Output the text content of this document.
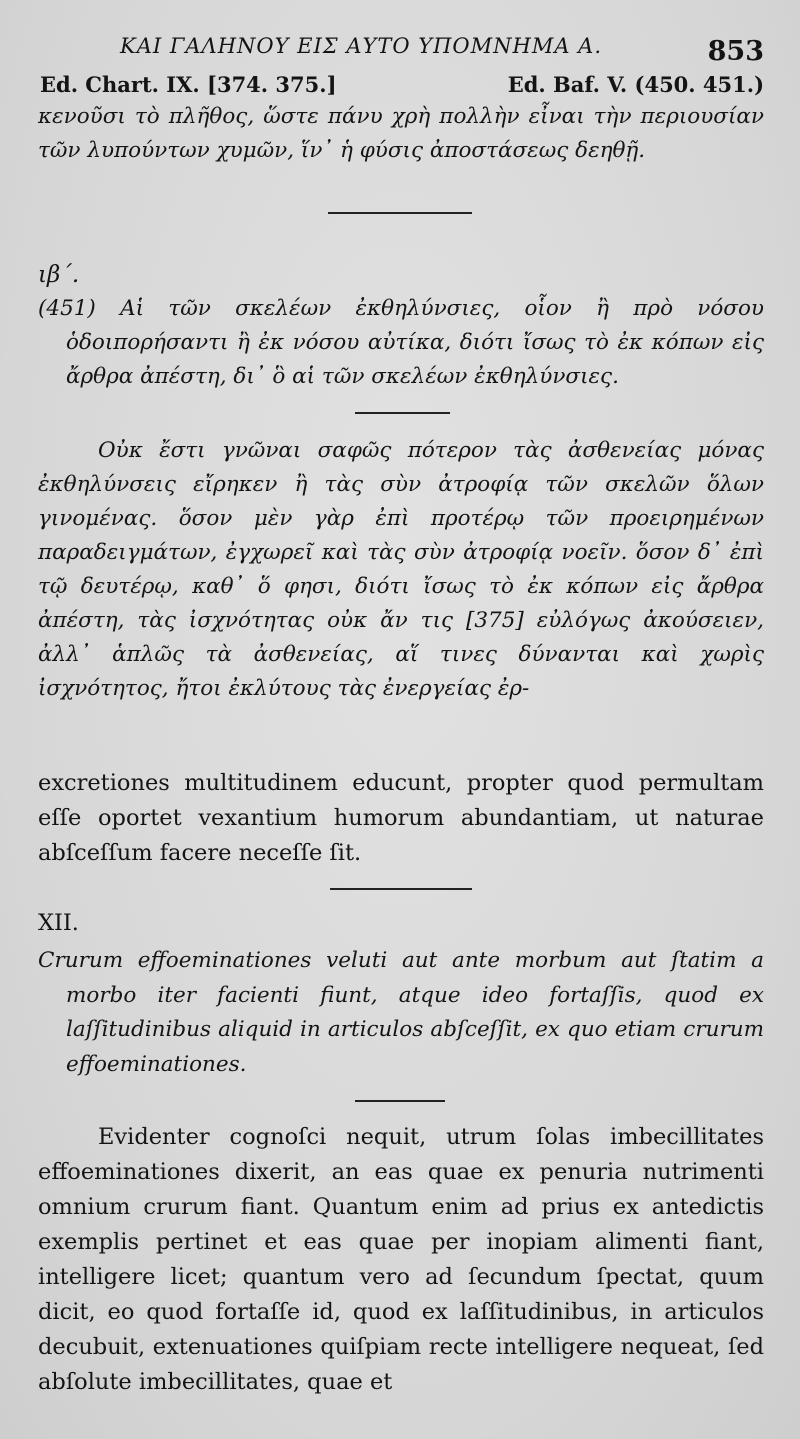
ΚΑΙ ΓΑΛΗΝΟΥ ΕΙΣ ΑΥΤΟ ΥΠΟΜΝΗΜΑ Α.	853
Ed. Chart. IX. [374. 375.]	Ed. Baf. V. (450. 451.)

κενοῦσι τὸ πλῆθος, ὥστε πάνυ χρὴ πολλὴν εἶναι τὴν περιουσίαν τῶν λυπούντων χυμῶν, ἵν᾽ ἡ φύσις ἀποστάσεως δεηθῇ.

ιβ΄.

(451) Αἱ τῶν σκελέων ἐκθηλύνσιες, οἷον ἢ πρὸ νόσου ὁδοιπορήσαντι ἢ ἐκ νόσου αὐτίκα, διότι ἴσως τὸ ἐκ κόπων εἰς ἄρθρα ἀπέστη, δι᾽ ὃ αἱ τῶν σκελέων ἐκθηλύνσιες.

Οὐκ ἔστι γνῶναι σαφῶς πότερον τὰς ἀσθενείας μόνας ἐκθηλύνσεις εἴρηκεν ἢ τὰς σὺν ἀτροφίᾳ τῶν σκελῶν ὅλων γινομένας. ὅσον μὲν γὰρ ἐπὶ προτέρῳ τῶν προειρημένων παραδειγμάτων, ἐγχωρεῖ καὶ τὰς σὺν ἀτροφίᾳ νοεῖν. ὅσον δ᾽ ἐπὶ τῷ δευτέρῳ, καθ᾽ ὅ φησι, διότι ἴσως τὸ ἐκ κόπων εἰς ἄρθρα ἀπέστη, τὰς ἰσχνότητας οὐκ ἄν τις [375] εὐλόγως ἀκούσειεν, ἀλλ᾽ ἁπλῶς τὰ ἀσθενείας, αἵ τινες δύνανται καὶ χωρὶς ἰσχνότητος, ἤτοι ἐκλύτους τὰς ἐνεργείας ἐρ-

excretiones multitudinem educunt, propter quod permultam eſſe oportet vexantium humorum abundantiam, ut naturae abſceſſum facere neceſſe ſit.

XII.

Crurum effoeminationes veluti aut ante morbum aut ſtatim a morbo iter facienti fiunt, atque ideo fortaſſis, quod ex laſſitudinibus aliquid in articulos abſceſſit, ex quo etiam crurum effoeminationes.

Evidenter cognoſci nequit, utrum ſolas imbecillitates effoeminationes dixerit, an eas quae ex penuria nutrimenti omnium crurum fiant. Quantum enim ad prius ex antedictis exemplis pertinet et eas quae per inopiam alimenti fiant, intelligere licet; quantum vero ad ſecundum ſpectat, quum dicit, eo quod fortaſſe id, quod ex laſſitudinibus, in articulos decubuit, extenuationes quiſpiam recte intelligere nequeat, ſed abſolute imbecillitates, quae et
